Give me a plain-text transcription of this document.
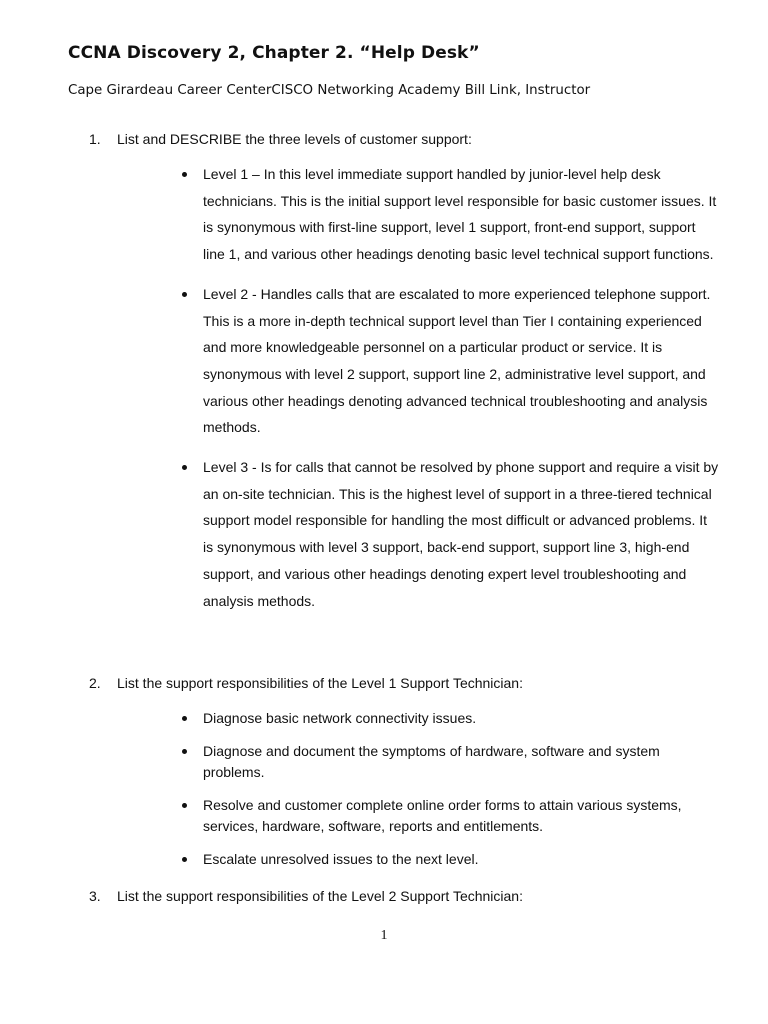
CCNA Discovery 2, Chapter 2. “Help Desk”
Cape Girardeau Career CenterCISCO Networking Academy Bill Link, Instructor
1. List and DESCRIBE the three levels of customer support:
Level 1 – In this level immediate support handled by junior-level help desk technicians. This is the initial support level responsible for basic customer issues. It is synonymous with first-line support, level 1 support, front-end support, support line 1, and various other headings denoting basic level technical support functions.
Level 2 - Handles calls that are escalated to more experienced telephone support. This is a more in-depth technical support level than Tier I containing experienced and more knowledgeable personnel on a particular product or service. It is synonymous with level 2 support, support line 2, administrative level support, and various other headings denoting advanced technical troubleshooting and analysis methods.
Level 3 - Is for calls that cannot be resolved by phone support and require a visit by an on-site technician. This is the highest level of support in a three-tiered technical support model responsible for handling the most difficult or advanced problems. It is synonymous with level 3 support, back-end support, support line 3, high-end support, and various other headings denoting expert level troubleshooting and analysis methods.
2. List the support responsibilities of the Level 1 Support Technician:
Diagnose basic network connectivity issues.
Diagnose and document the symptoms of hardware, software and system problems.
Resolve and customer complete online order forms to attain various systems, services, hardware, software, reports and entitlements.
Escalate unresolved issues to the next level.
3. List the support responsibilities of the Level 2 Support Technician:
1
